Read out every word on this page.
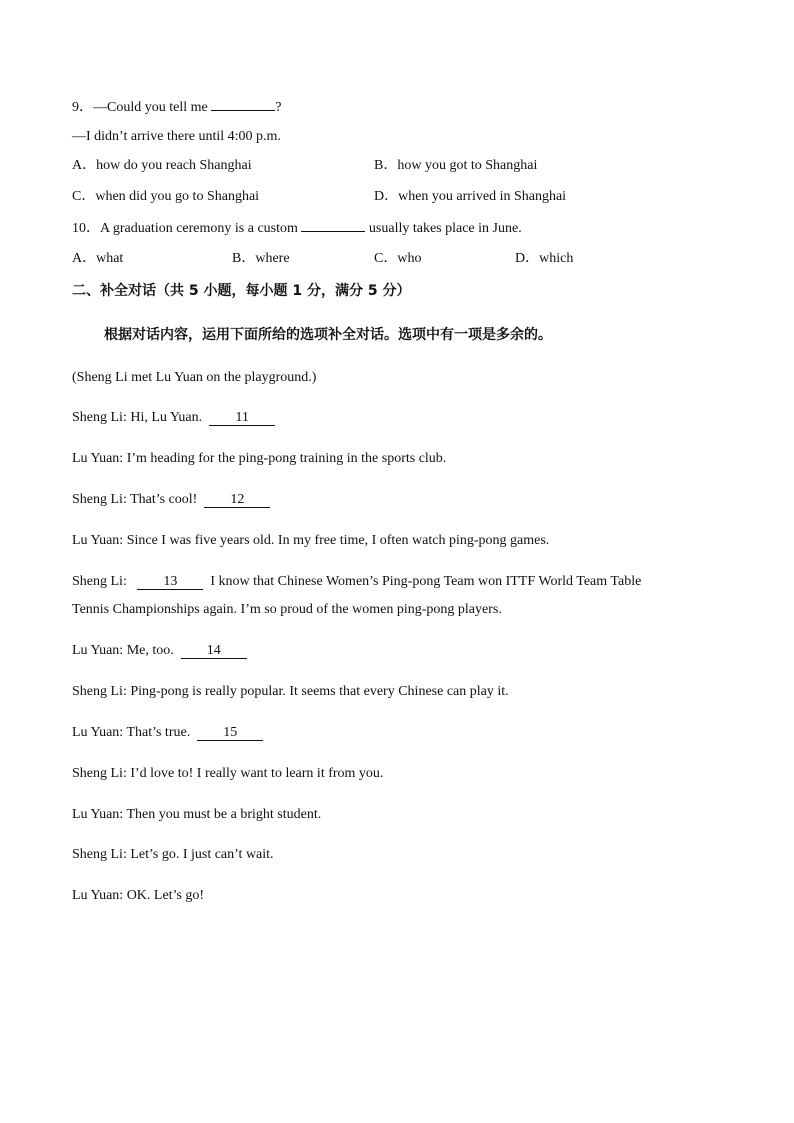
9．—Could you tell me	?
—I didn’t arrive there until 4:00 p.m.
A．how do you reach Shanghai	B．how you got to Shanghai
C．when did you go to Shanghai	D．when you arrived in Shanghai
10．A graduation ceremony is a custom	usually takes place in June.
A．what	B．where	C．who	D．which
二、补全对话（共 5 小题，每小题 1 分，满分 5 分）
根据对话内容，运用下面所给的选项补全对话。选项中有一项是多余的。
(Sheng Li met Lu Yuan on the playground.)
Sheng Li: Hi, Lu Yuan. 11
Lu Yuan: I’m heading for the ping-pong training in the sports club.
Sheng Li: That’s cool! 12
Lu Yuan: Since I was five years old. In my free time, I often watch ping-pong games.
Sheng Li:	13 I know that Chinese Women’s Ping-pong Team won ITTF World Team Table
Tennis Championships again. I’m so proud of the women ping-pong players.
Lu Yuan: Me, too. 14
Sheng Li: Ping-pong is really popular. It seems that every Chinese can play it.
Lu Yuan: That’s true. 15
Sheng Li: I’d love to! I really want to learn it from you.
Lu Yuan: Then you must be a bright student.
Sheng Li: Let’s go. I just can’t wait.
Lu Yuan: OK. Let’s go!
